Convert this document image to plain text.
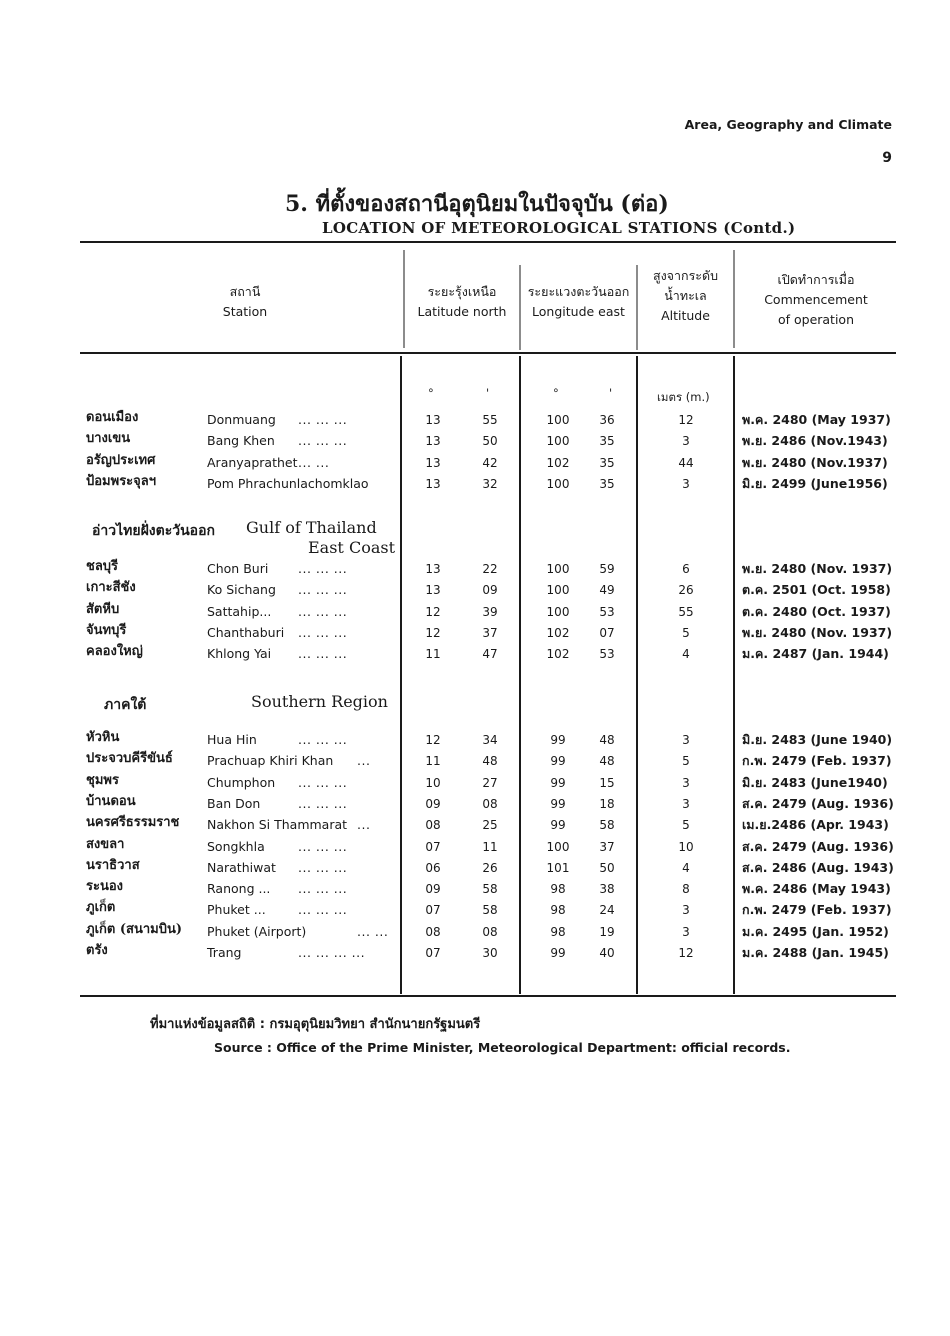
Area, Geography and Climate
9
5. ที่ตั้งของสถานีอุตุนิยมในปัจจุบัน (ต่อ)
LOCATION OF METEOROLOGICAL STATIONS (Contd.)
สถานี
Station
ระยะรุ้งเหนือ
Latitude north
ระยะแวงตะวันออก
Longitude east
สูงจากระดับ
น้ำทะเล
Altitude
เปิดทำการเมื่อ
Commencement
of operation
°	'	°	'	เมตร (m.)
ดอนเมือง	Donmuang ... ... ...	13	55	100	36	12	พ.ค. 2480 (May 1937)
บางเขน	Bang Khen ... ... ...	13	50	100	35	3	พ.ย. 2486 (Nov.1943)
อรัญประเทศ	Aranyaprathet ... ...	13	42	102	35	44	พ.ย. 2480 (Nov.1937)
ป้อมพระจุลฯ	Pom Phrachunlachomklao	13	32	100	35	3	มิ.ย. 2499 (June1956)
อ่าวไทยฝั่งตะวันออก Gulf of Thailand
East Coast
ชลบุรี	Chon Buri ... ... ...	13	22	100	59	6	พ.ย. 2480 (Nov. 1937)
เกาะสีชัง	Ko Sichang ... ... ...	13	09	100	49	26	ต.ค. 2501 (Oct. 1958)
สัตหีบ	Sattahip... ... ... ...	12	39	100	53	55	ต.ค. 2480 (Oct. 1937)
จันทบุรี	Chanthaburi ... ... ...	12	37	102	07	5	พ.ย. 2480 (Nov. 1937)
คลองใหญ่	Khlong Yai ... ... ...	11	47	102	53	4	ม.ค. 2487 (Jan. 1944)
ภาคใต้	Southern Region
หัวหิน	Hua Hin	... ... ...	12	34	99	48	3	มิ.ย. 2483 (June 1940)
ประจวบคีรีขันธ์	Prachuap Khiri Khan ...	11	48	99	48	5	ก.พ. 2479 (Feb. 1937)
ชุมพร	Chumphon ... ... ...	10	27	99	15	3	มิ.ย. 2483 (June1940)
บ้านดอน	Ban Don	... ... ...	09	08	99	18	3	ส.ค. 2479 (Aug. 1936)
นครศรีธรรมราช Nakhon Si Thammarat ...	08	25	99	58	5	เม.ย.2486 (Apr. 1943)
สงขลา	Songkhla	... ... ...	07	11	100	37	10	ส.ค. 2479 (Aug. 1936)
นราธิวาส	Narathiwat ... ... ...	06	26	101	50	4	ส.ค. 2486 (Aug. 1943)
ระนอง	Ranong ... ... ... ...	09	58	98	38	8	พ.ค. 2486 (May 1943)
ภูเก็ต	Phuket ...	... ... ...	07	58	98	24	3	ก.พ. 2479 (Feb. 1937)
ภูเก็ต (สนามบิน) Phuket (Airport)	... ...	08	08	98	19	3	ม.ค. 2495 (Jan. 1952)
ตรัง	Trang	... ... ... ...	07	30	99	40	12	ม.ค. 2488 (Jan. 1945)
ที่มาแห่งข้อมูลสถิติ : กรมอุตุนิยมวิทยา สำนักนายกรัฐมนตรี
Source : Office of the Prime Minister, Meteorological Department: official records.
